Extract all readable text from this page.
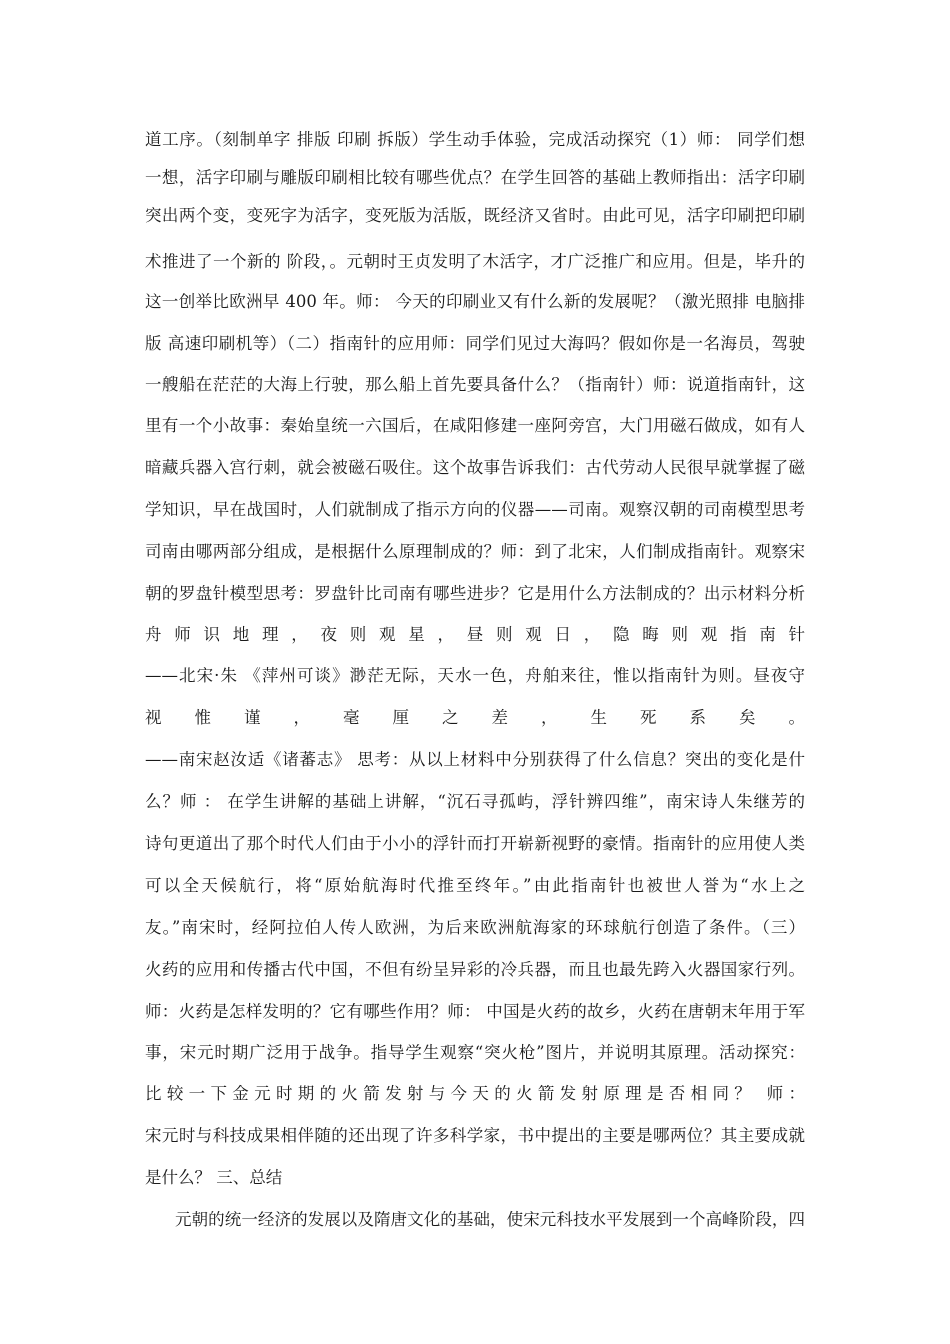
道工序。（刻制单字 排版 印刷 拆版）学生动手体验，完成活动探究（1）师： 同学们想
一想，活字印刷与雕版印刷相比较有哪些优点？在学生回答的基础上教师指出：活字印刷
突出两个变，变死字为活字，变死版为活版，既经济又省时。由此可见，活字印刷把印刷
术推进了一个新的 阶段，。元朝时王贞发明了木活字，才广泛推广和应用。但是，毕升的
这一创举比欧洲早 400 年。师： 今天的印刷业又有什么新的发展呢？（激光照排 电脑排
版 高速印刷机等）（二）指南针的应用师：同学们见过大海吗？假如你是一名海员，驾驶
一艘船在茫茫的大海上行驶，那么船上首先要具备什么？（指南针）师：说道指南针，这
里有一个小故事：秦始皇统一六国后，在咸阳修建一座阿旁宫，大门用磁石做成，如有人
暗藏兵器入宫行刺，就会被磁石吸住。这个故事告诉我们：古代劳动人民很早就掌握了磁
学知识，早在战国时，人们就制成了指示方向的仪器——司南。观察汉朝的司南模型思考
司南由哪两部分组成，是根据什么原理制成的？师：到了北宋，人们制成指南针。观察宋
朝的罗盘针模型思考：罗盘针比司南有哪些进步？它是用什么方法制成的？出示材料分析
舟师识地理，夜则观星，昼则观日，隐晦则观指南针
——北宋·朱 《萍州可谈》渺茫无际，天水一色，舟舶来往，惟以指南针为则。昼夜守
视惟谨，毫厘之差，生死系矣。
——南宋赵汝适《诸蕃志》 思考：从以上材料中分别获得了什么信息？突出的变化是什
么？师 ： 在学生讲解的基础上讲解，“沉石寻孤屿，浮针辨四维”，南宋诗人朱继芳的
诗句更道出了那个时代人们由于小小的浮针而打开崭新视野的豪情。指南针的应用使人类
可以全天候航行，将“原始航海时代推至终年。”由此指南针也被世人誉为“水上之
友。”南宋时，经阿拉伯人传人欧洲，为后来欧洲航海家的环球航行创造了条件。（三）
火药的应用和传播古代中国，不但有纷呈异彩的冷兵器，而且也最先跨入火器国家行列。
师：火药是怎样发明的？它有哪些作用？师： 中国是火药的故乡，火药在唐朝末年用于军
事，宋元时期广泛用于战争。指导学生观察“突火枪”图片，并说明其原理。活动探究：
比较一下金元时期的火箭发射与今天的火箭发射原理是否相同？ 师：
宋元时与科技成果相伴随的还出现了许多科学家，书中提出的主要是哪两位？其主要成就
是什么？ 三、总结
元朝的统一经济的发展以及隋唐文化的基础，使宋元科技水平发展到一个高峰阶段，四
